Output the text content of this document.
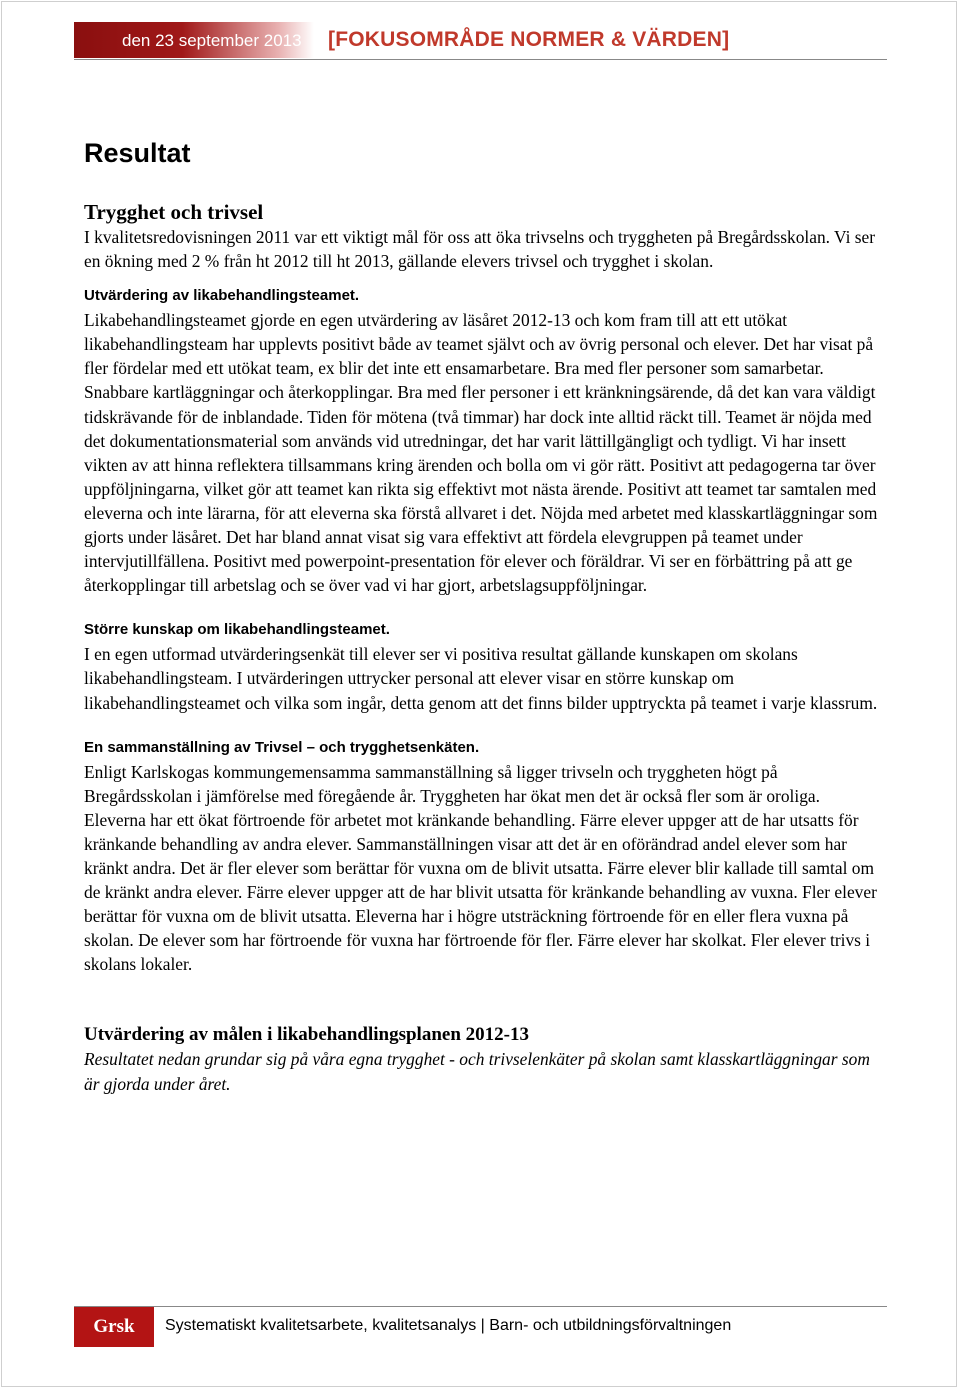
den 23 september 2013	[FOKUSOMRÅDE NORMER & VÄRDEN]
Resultat
Trygghet och trivsel

I kvalitetsredovisningen 2011 var ett viktigt mål för oss att öka trivselns och tryggheten på Bregårdsskolan. Vi ser en ökning med 2 % från ht 2012 till ht 2013, gällande elevers trivsel och trygghet i skolan.

Utvärdering av likabehandlingsteamet.

Likabehandlingsteamet gjorde en egen utvärdering av läsåret 2012-13 och kom fram till att ett utökat likabehandlingsteam har upplevts positivt både av teamet självt och av övrig personal och elever. Det har visat på fler fördelar med ett utökat team, ex blir det inte ett ensamarbetare. Bra med fler personer som samarbetar. Snabbare kartläggningar och återkopplingar. Bra med fler personer i ett kränkningsärende, då det kan vara väldigt tidskrävande för de inblandade. Tiden för mötena (två timmar) har dock inte alltid räckt till. Teamet är nöjda med det dokumentationsmaterial som används vid utredningar, det har varit lättillgängligt och tydligt. Vi har insett vikten av att hinna reflektera tillsammans kring ärenden och bolla om vi gör rätt. Positivt att pedagogerna tar över uppföljningarna, vilket gör att teamet kan rikta sig effektivt mot nästa ärende. Positivt att teamet tar samtalen med eleverna och inte lärarna, för att eleverna ska förstå allvaret i det. Nöjda med arbetet med klasskartläggningar som gjorts under läsåret. Det har bland annat visat sig vara effektivt att fördela elevgruppen på teamet under intervjutillfällena. Positivt med powerpoint-presentation för elever och föräldrar. Vi ser en förbättring på att ge återkopplingar till arbetslag och se över vad vi har gjort, arbetslagsuppföljningar.

Större kunskap om likabehandlingsteamet.

I en egen utformad utvärderingsenkät till elever ser vi positiva resultat gällande kunskapen om skolans likabehandlingsteam. I utvärderingen uttrycker personal att elever visar en större kunskap om likabehandlingsteamet och vilka som ingår, detta genom att det finns bilder upptryckta på teamet i varje klassrum.

En sammanställning av Trivsel – och trygghetsenkäten.

Enligt Karlskogas kommungemensamma sammanställning så ligger trivseln och tryggheten högt på Bregårdsskolan i jämförelse med föregående år. Tryggheten har ökat men det är också fler som är oroliga. Eleverna har ett ökat förtroende för arbetet mot kränkande behandling. Färre elever uppger att de har utsatts för kränkande behandling av andra elever. Sammanställningen visar att det är en oförändrad andel elever som har kränkt andra. Det är fler elever som berättar för vuxna om de blivit utsatta. Färre elever blir kallade till samtal om de kränkt andra elever. Färre elever uppger att de har blivit utsatta för kränkande behandling av vuxna. Fler elever berättar för vuxna om de blivit utsatta. Eleverna har i högre utsträckning förtroende för en eller flera vuxna på skolan. De elever som har förtroende för vuxna har förtroende för fler. Färre elever har skolkat. Fler elever trivs i skolans lokaler.

Utvärdering av målen i likabehandlingsplanen 2012-13

Resultatet nedan grundar sig på våra egna trygghet - och trivselenkäter på skolan samt klasskartläggningar som är gjorda under året.

Grsk	Systematiskt kvalitetsarbete, kvalitetsanalys | Barn- och utbildningsförvaltningen
